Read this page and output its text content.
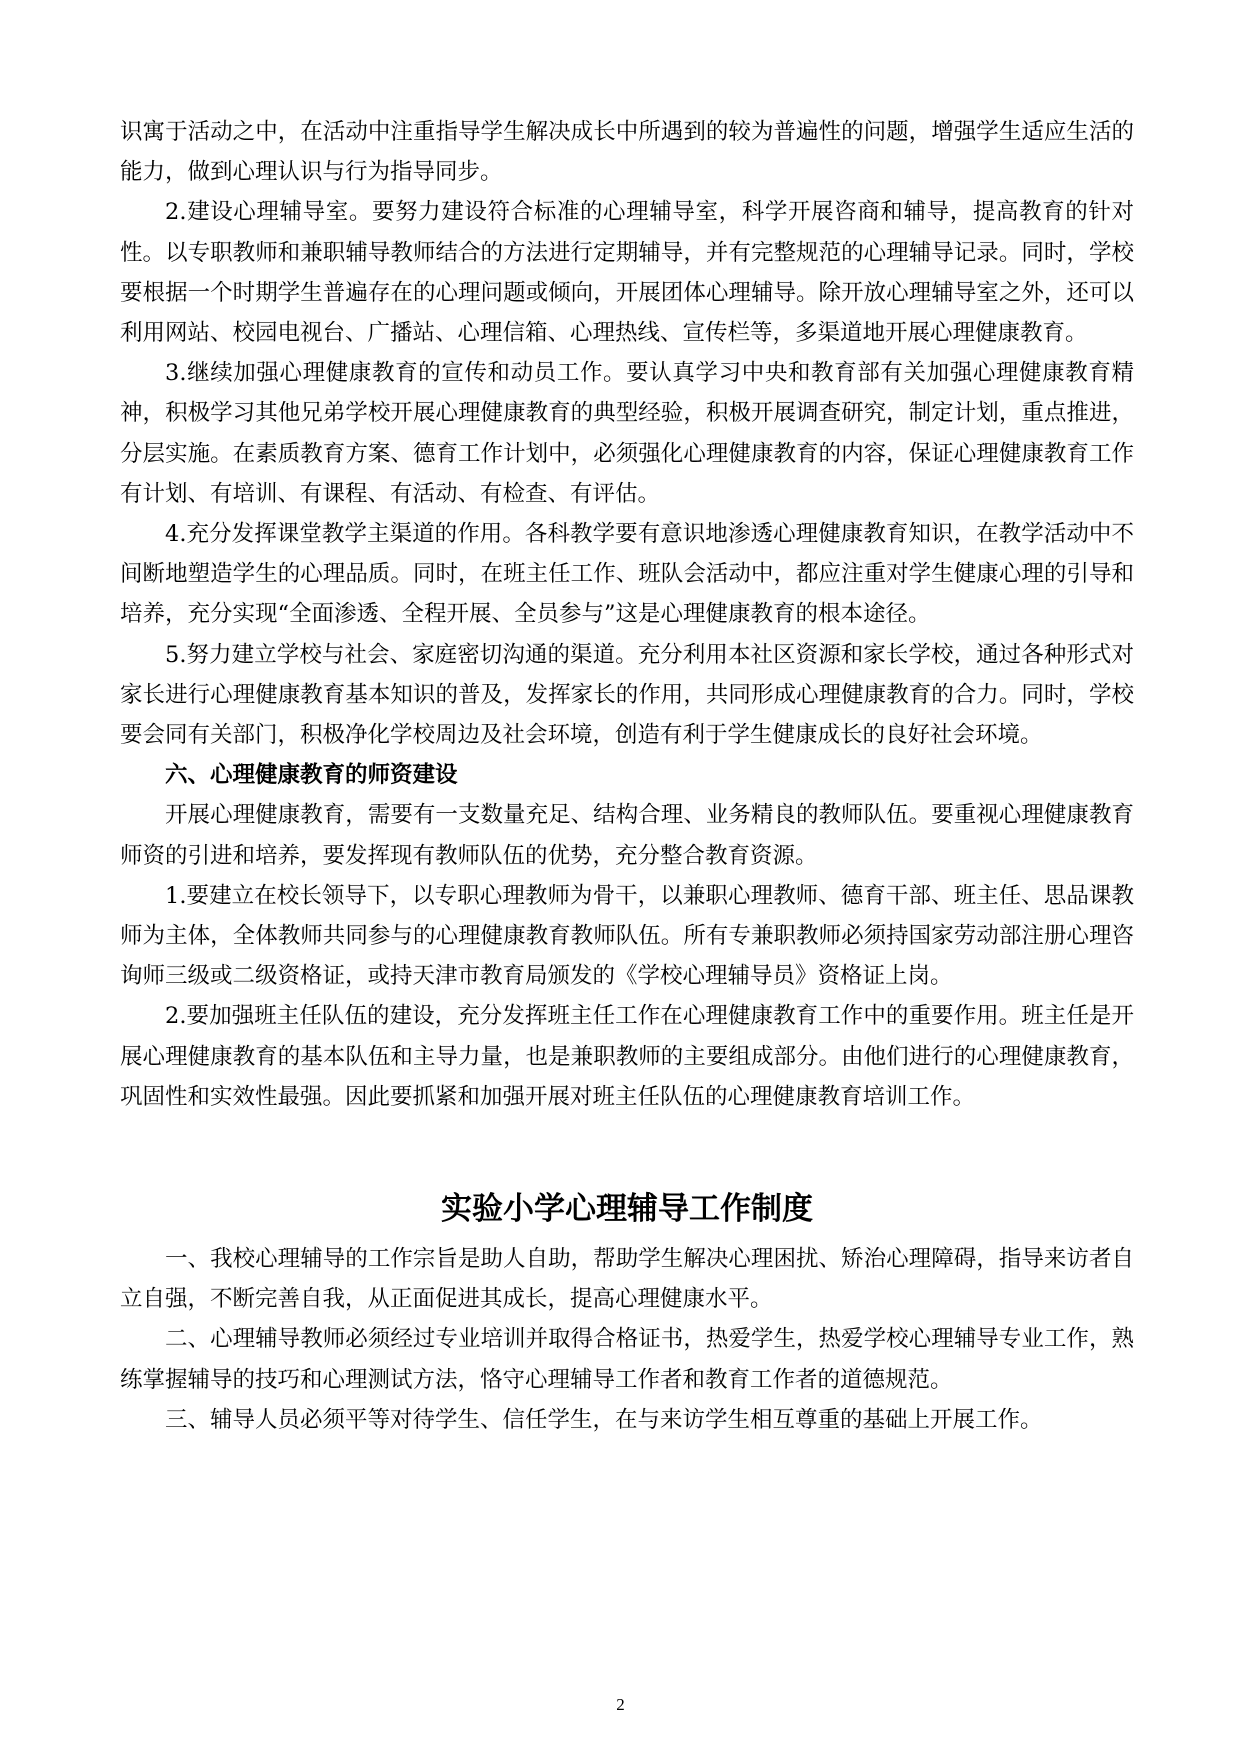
识寓于活动之中，在活动中注重指导学生解决成长中所遇到的较为普遍性的问题，增强学生适应生活的能力，做到心理认识与行为指导同步。

2.建设心理辅导室。要努力建设符合标准的心理辅导室，科学开展咨商和辅导，提高教育的针对性。以专职教师和兼职辅导教师结合的方法进行定期辅导，并有完整规范的心理辅导记录。同时，学校要根据一个时期学生普遍存在的心理问题或倾向，开展团体心理辅导。除开放心理辅导室之外，还可以利用网站、校园电视台、广播站、心理信箱、心理热线、宣传栏等，多渠道地开展心理健康教育。

3.继续加强心理健康教育的宣传和动员工作。要认真学习中央和教育部有关加强心理健康教育精神，积极学习其他兄弟学校开展心理健康教育的典型经验，积极开展调查研究，制定计划，重点推进，分层实施。在素质教育方案、德育工作计划中，必须强化心理健康教育的内容，保证心理健康教育工作有计划、有培训、有课程、有活动、有检查、有评估。

4.充分发挥课堂教学主渠道的作用。各科教学要有意识地渗透心理健康教育知识，在教学活动中不间断地塑造学生的心理品质。同时，在班主任工作、班队会活动中，都应注重对学生健康心理的引导和培养，充分实现“全面渗透、全程开展、全员参与”这是心理健康教育的根本途径。

5.努力建立学校与社会、家庭密切沟通的渠道。充分利用本社区资源和家长学校，通过各种形式对家长进行心理健康教育基本知识的普及，发挥家长的作用，共同形成心理健康教育的合力。同时，学校要会同有关部门，积极净化学校周边及社会环境，创造有利于学生健康成长的良好社会环境。

六、心理健康教育的师资建设

开展心理健康教育，需要有一支数量充足、结构合理、业务精良的教师队伍。要重视心理健康教育师资的引进和培养，要发挥现有教师队伍的优势，充分整合教育资源。

1.要建立在校长领导下，以专职心理教师为骨干，以兼职心理教师、德育干部、班主任、思品课教师为主体，全体教师共同参与的心理健康教育教师队伍。所有专兼职教师必须持国家劳动部注册心理咨询师三级或二级资格证，或持天津市教育局颁发的《学校心理辅导员》资格证上岗。

2.要加强班主任队伍的建设，充分发挥班主任工作在心理健康教育工作中的重要作用。班主任是开展心理健康教育的基本队伍和主导力量，也是兼职教师的主要组成部分。由他们进行的心理健康教育，巩固性和实效性最强。因此要抓紧和加强开展对班主任队伍的心理健康教育培训工作。

实验小学心理辅导工作制度

一、我校心理辅导的工作宗旨是助人自助，帮助学生解决心理困扰、矫治心理障碍，指导来访者自立自强，不断完善自我，从正面促进其成长，提高心理健康水平。

二、心理辅导教师必须经过专业培训并取得合格证书，热爱学生，热爱学校心理辅导专业工作，熟练掌握辅导的技巧和心理测试方法，恪守心理辅导工作者和教育工作者的道德规范。

三、辅导人员必须平等对待学生、信任学生，在与来访学生相互尊重的基础上开展工作。

2
